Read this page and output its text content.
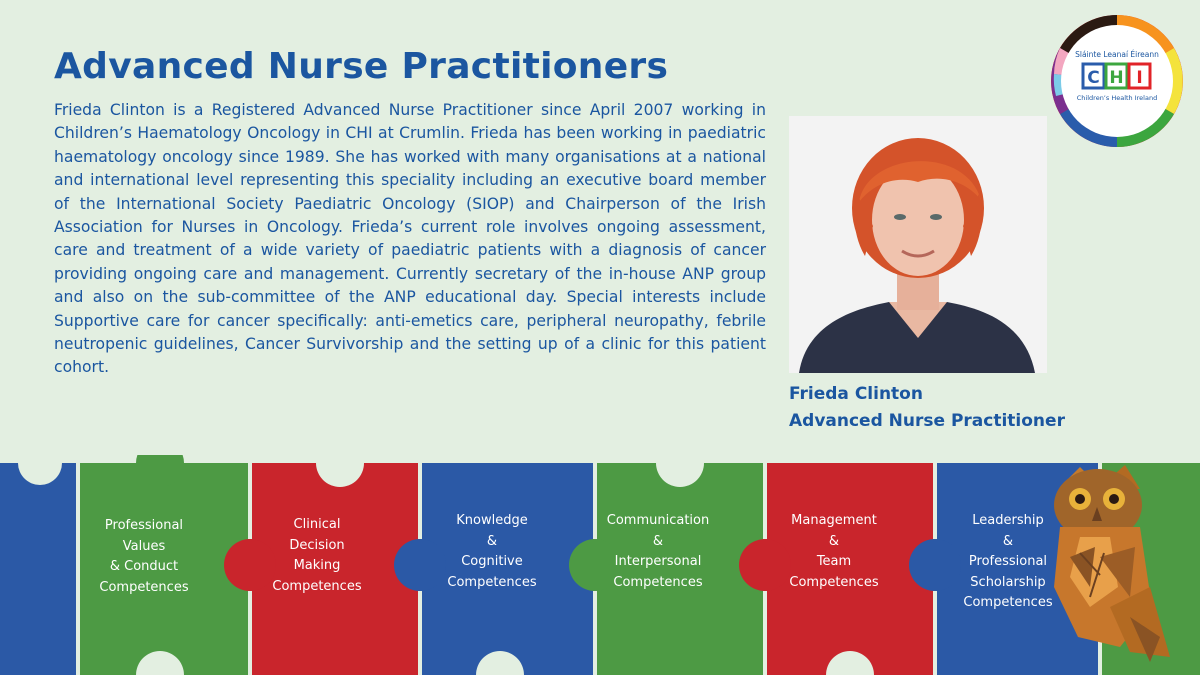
Advanced Nurse Practitioners

Frieda Clinton is a Registered Advanced Nurse Practitioner since April 2007 working in Children’s Haematology Oncology in CHI at Crumlin. Frieda has been working in paediatric haematology oncology since 1989. She has worked with many organisations at a national and international level representing this speciality including an executive board member of the International Society Paediatric Oncology (SIOP) and Chairperson of the Irish Association for Nurses in Oncology. Frieda’s current role involves ongoing assessment, care and treatment of a wide variety of paediatric patients with a diagnosis of cancer providing ongoing care and management. Currently secretary of the in-house ANP group and also on the sub-committee of the ANP educational day. Special interests include Supportive care for cancer specifically: anti-emetics care, peripheral neuropathy, febrile neutropenic guidelines, Cancer Survivorship and the setting up of a clinic for this patient cohort.

Frieda Clinton
Advanced Nurse Practitioner
Sláinte Leanaí Éireann
C H I
Children’s Health Ireland
Professional
Values
& Conduct
Competences
Clinical
Decision
Making
Competences
Knowledge
&
Cognitive
Competences
Communication
&
Interpersonal
Competences
Management
&
Team
Competences
Leadership
&
Professional
Scholarship
Competences
